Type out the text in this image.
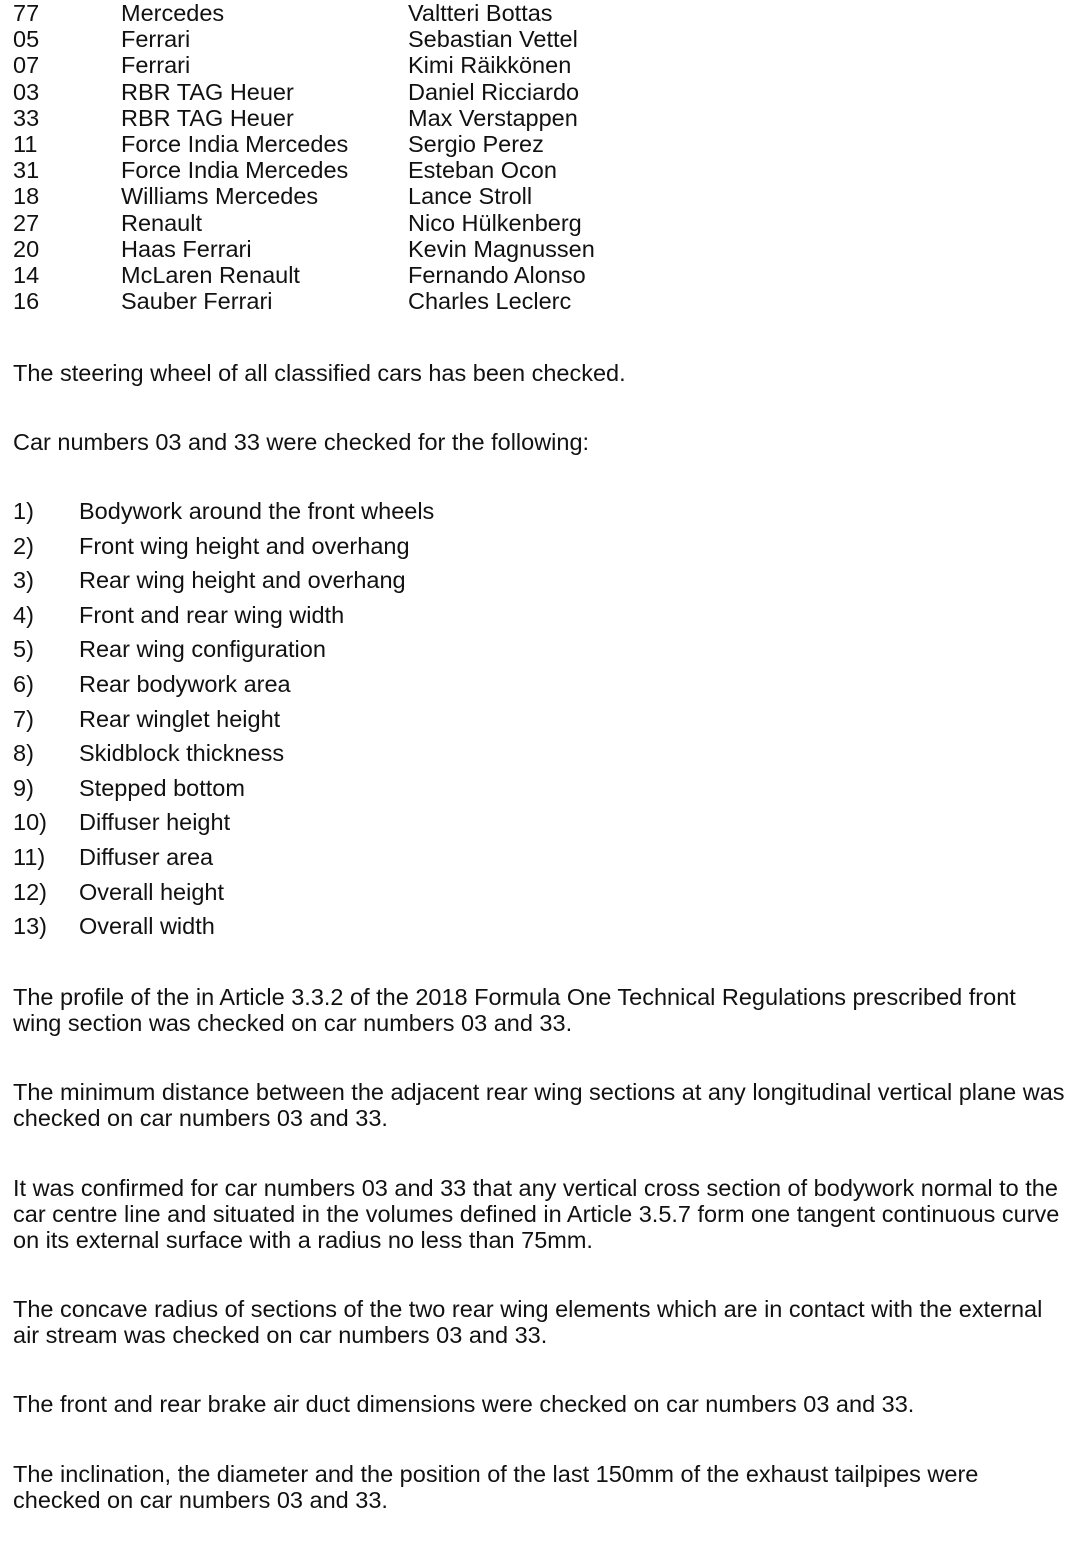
77	Mercedes	Valtteri Bottas
05	Ferrari	Sebastian Vettel
07	Ferrari	Kimi Räikkönen
03	RBR TAG Heuer	Daniel Ricciardo
33	RBR TAG Heuer	Max Verstappen
11	Force India Mercedes	Sergio Perez
31	Force India Mercedes	Esteban Ocon
18	Williams Mercedes	Lance Stroll
27	Renault	Nico Hülkenberg
20	Haas Ferrari	Kevin Magnussen
14	McLaren Renault	Fernando Alonso
16	Sauber Ferrari	Charles Leclerc

The steering wheel of all classified cars has been checked.

Car numbers 03 and 33 were checked for the following:

1) Bodywork around the front wheels
2) Front wing height and overhang
3) Rear wing height and overhang
4) Front and rear wing width
5) Rear wing configuration
6) Rear bodywork area
7) Rear winglet height
8) Skidblock thickness
9) Stepped bottom
10) Diffuser height
11) Diffuser area
12) Overall height
13) Overall width

The profile of the in Article 3.3.2 of the 2018 Formula One Technical Regulations prescribed front wing section was checked on car numbers 03 and 33.

The minimum distance between the adjacent rear wing sections at any longitudinal vertical plane was checked on car numbers 03 and 33.

It was confirmed for car numbers 03 and 33 that any vertical cross section of bodywork normal to the car centre line and situated in the volumes defined in Article 3.5.7 form one tangent continuous curve on its external surface with a radius no less than 75mm.

The concave radius of sections of the two rear wing elements which are in contact with the external air stream was checked on car numbers 03 and 33.

The front and rear brake air duct dimensions were checked on car numbers 03 and 33.

The inclination, the diameter and the position of the last 150mm of the exhaust tailpipes were checked on car numbers 03 and 33.
